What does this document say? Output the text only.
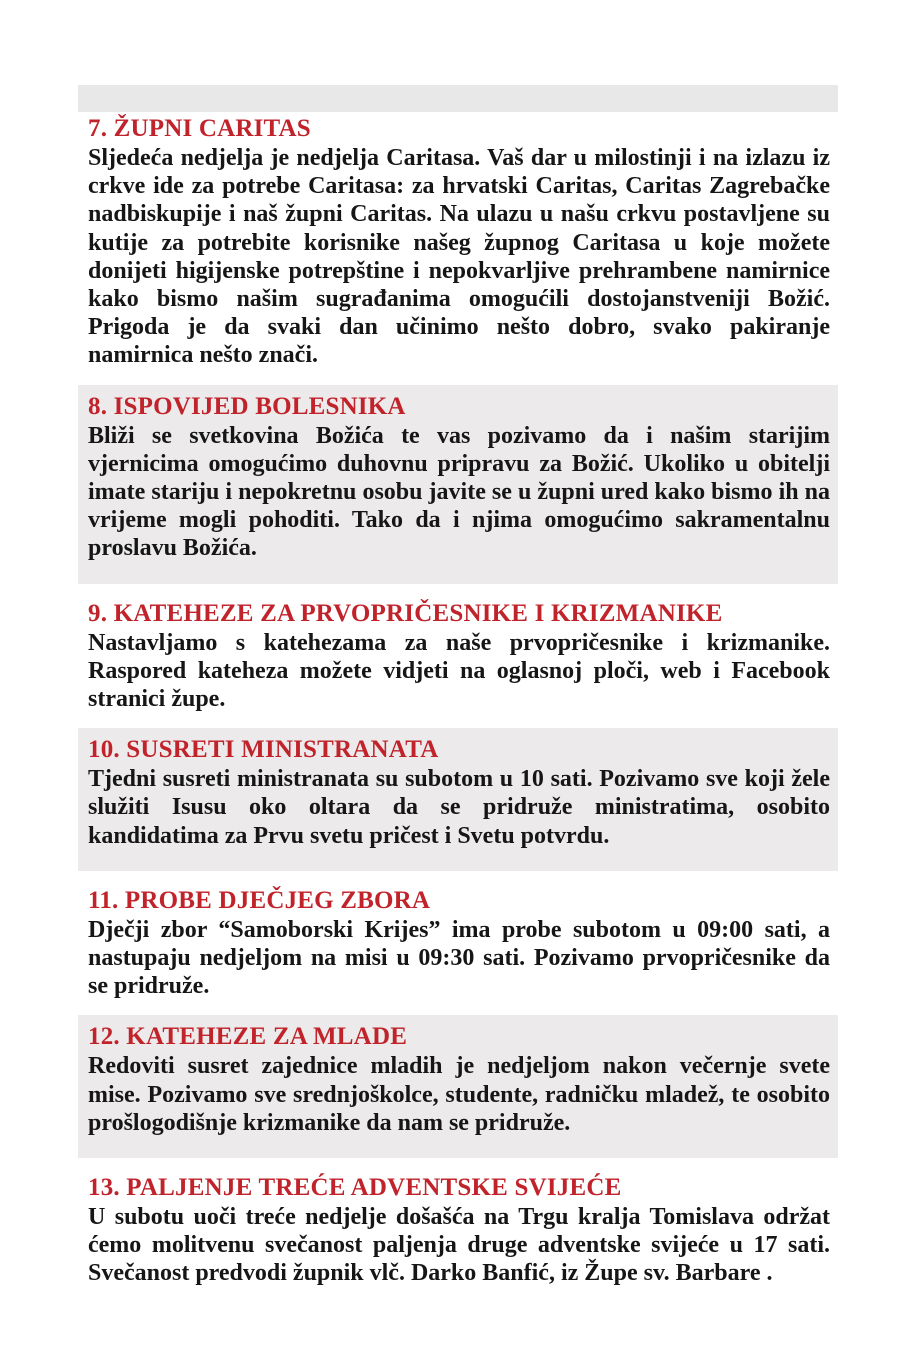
7. ŽUPNI CARITAS

Sljedeća nedjelja je nedjelja Caritasa. Vaš dar u milostinji i na izlazu iz crkve ide za potrebe Caritasa: za hrvatski Caritas, Caritas Zagrebačke nadbiskupije i naš župni Caritas. Na ulazu u našu crkvu postavljene su kutije za potrebite korisnike našeg župnog Caritasa u koje možete donijeti higijenske potrepštine i nepokvarljive prehrambene namirnice kako bismo našim sugrađanima omogućili dostojanstveniji Božić. Prigoda je da svaki dan učinimo nešto dobro, svako pakiranje namirnica nešto znači.

8. ISPOVIJED BOLESNIKA

Bliži se svetkovina Božića te vas pozivamo da i našim starijim vjernicima omogućimo duhovnu pripravu za Božić. Ukoliko u obitelji imate stariju i nepokretnu osobu javite se u župni ured kako bismo ih na vrijeme mogli pohoditi. Tako da i njima omogućimo sakramentalnu proslavu Božića.

9. KATEHEZE ZA PRVOPRIČESNIKE I KRIZMANIKE

Nastavljamo s katehezama za naše prvopričesnike i krizmanike. Raspored kateheza možete vidjeti na oglasnoj ploči, web i Facebook stranici župe.

10. SUSRETI MINISTRANATA

Tjedni susreti ministranata su subotom u 10 sati. Pozivamo sve koji žele služiti Isusu oko oltara da se pridruže ministratima, osobito kandidatima za Prvu svetu pričest i Svetu potvrdu.

11. PROBE DJEČJEG ZBORA

Dječji zbor “Samoborski Krijes” ima probe subotom u 09:00 sati, a nastupaju nedjeljom na misi u 09:30 sati. Pozivamo prvopričesnike da se pridruže.

12. KATEHEZE ZA MLADE

Redoviti susret zajednice mladih je nedjeljom nakon večernje svete mise. Pozivamo sve srednjoškolce, studente, radničku mladež, te osobito prošlogodišnje krizmanike da nam se pridruže.

13. PALJENJE TREĆE ADVENTSKE SVIJEĆE

U subotu uoči treće nedjelje došašća na Trgu kralja Tomislava održat ćemo molitvenu svečanost paljenja druge adventske svijeće u 17 sati. Svečanost predvodi župnik vlč. Darko Banfić, iz Župe sv. Barbare .
